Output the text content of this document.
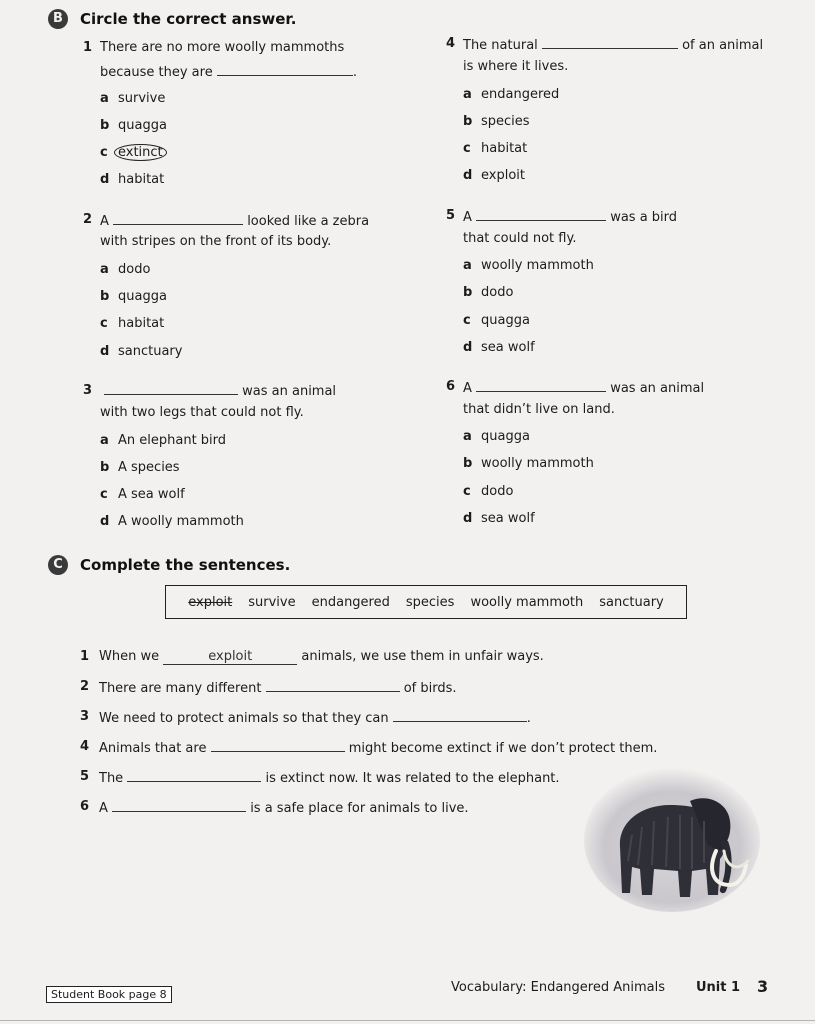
B	Circle the correct answer.
1 There are no more woolly mammoths
because they are	.
a survive
b quagga
c extinct
d habitat
2 A	looked like a zebra
with stripes on the front of its body.
a dodo
b quagga
c habitat
d sanctuary
3	was an animal
with two legs that could not fly.
a An elephant bird
b A species
c A sea wolf
d A woolly mammoth
4 The natural	of an animal
is where it lives.
a endangered
b species
c habitat
d exploit
5 A	was a bird
that could not fly.
a woolly mammoth
b dodo
c quagga
d sea wolf
6 A	was an animal
that didn’t live on land.
a quagga
b woolly mammoth
c dodo
d sea wolf
C	Complete the sentences.
exploit survive endangered species woolly mammoth sanctuary
1 When we	exploit	animals, we use them in unfair ways.
2 There are many different	of birds.
3 We need to protect animals so that they can	.
4 Animals that are	might become extinct if we don’t protect them.
5 The	is extinct now. It was related to the elephant.
6 A	is a safe place for animals to live.
Student Book page 8	Vocabulary: Endangered Animals Unit 1 3
